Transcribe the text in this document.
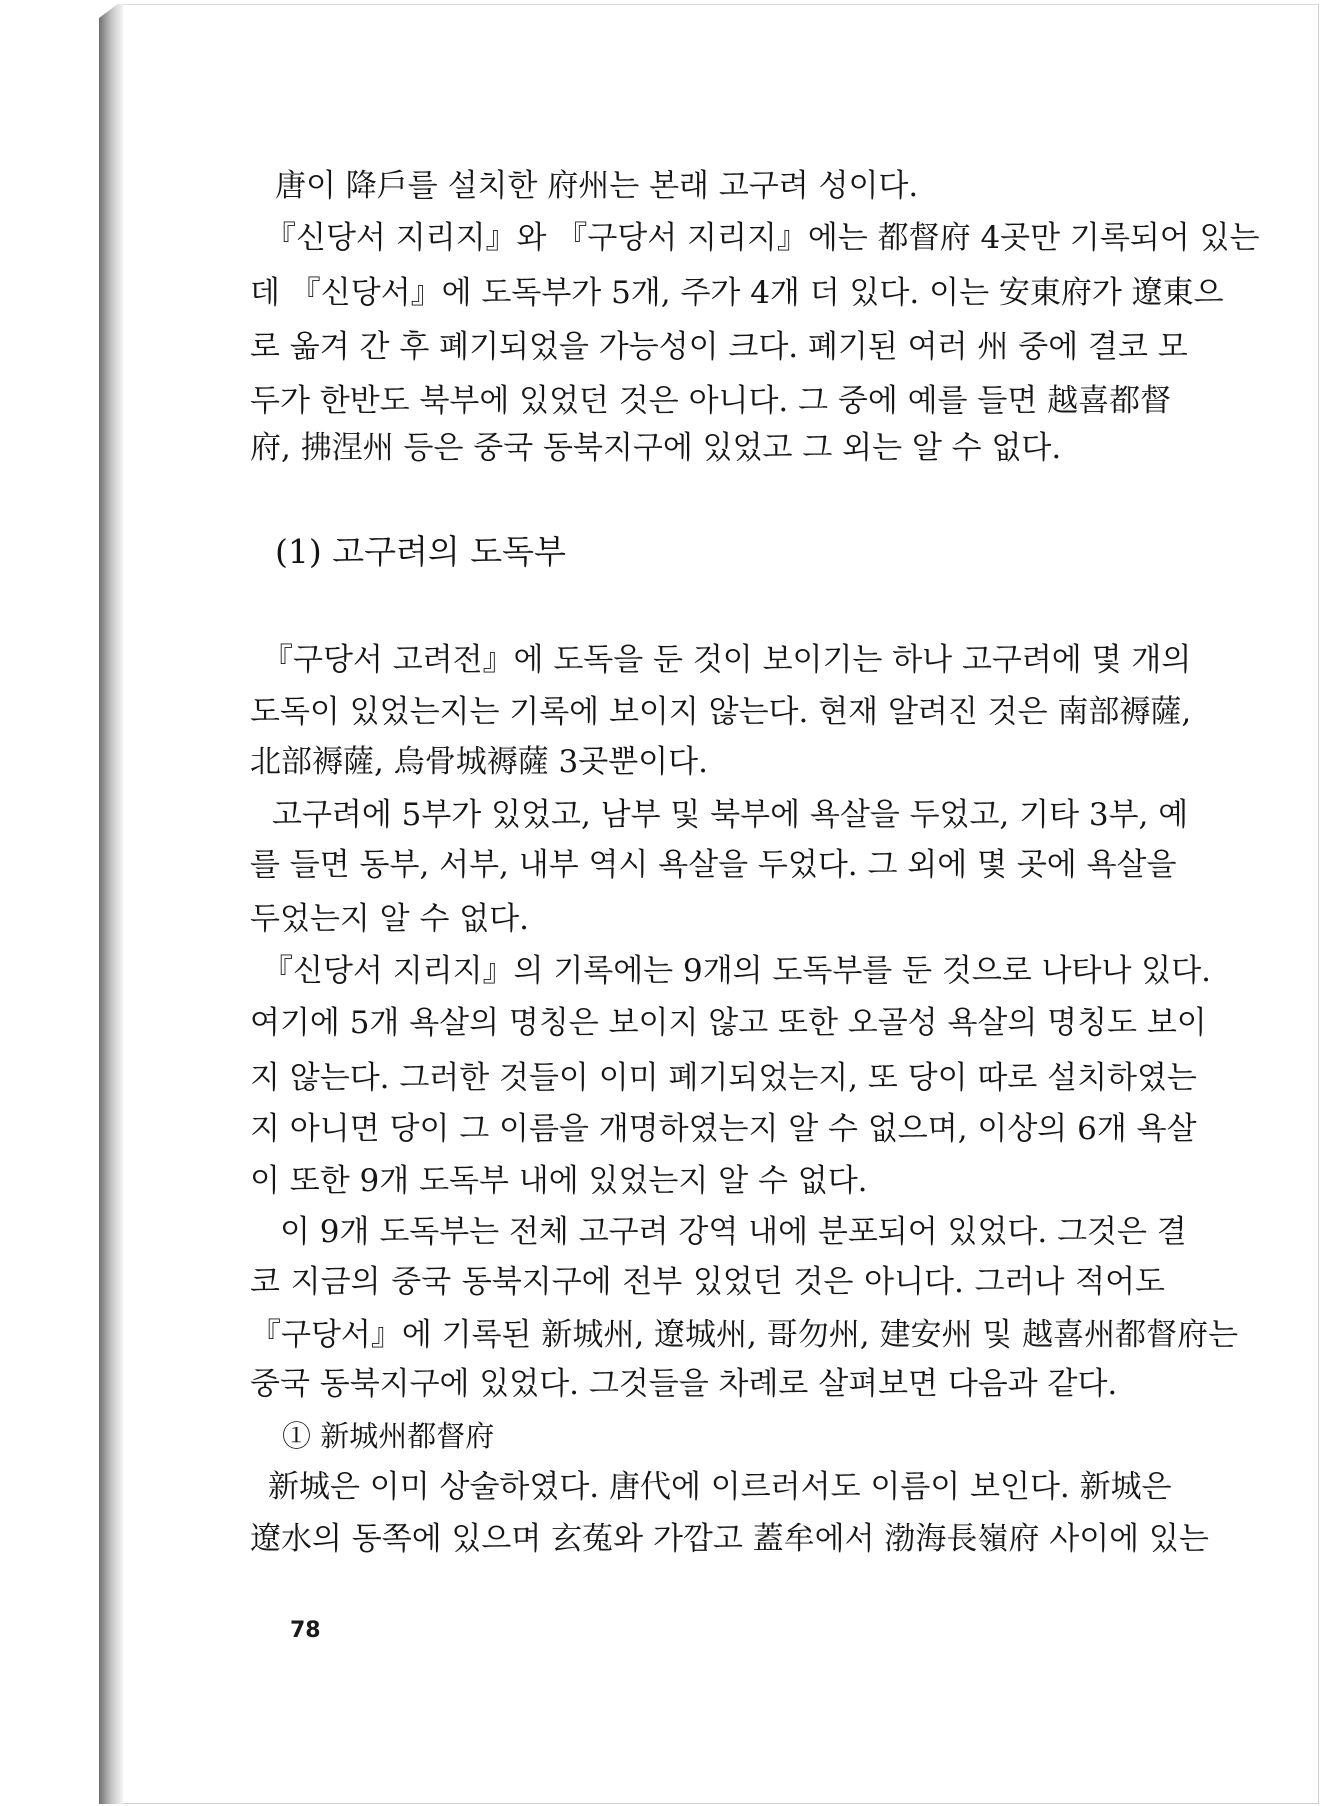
唐이 降戶를 설치한 府州는 본래 고구려 성이다.
『신당서 지리지』와 『구당서 지리지』에는 都督府 4곳만 기록되어 있는
데 『신당서』에 도독부가 5개, 주가 4개 더 있다. 이는 安東府가 遼東으
로 옮겨 간 후 폐기되었을 가능성이 크다. 폐기된 여러 州 중에 결코 모
두가 한반도 북부에 있었던 것은 아니다. 그 중에 예를 들면 越喜都督
府, 拂涅州 등은 중국 동북지구에 있었고 그 외는 알 수 없다.
(1) 고구려의 도독부
『구당서 고려전』에 도독을 둔 것이 보이기는 하나 고구려에 몇 개의
도독이 있었는지는 기록에 보이지 않는다. 현재 알려진 것은 南部褥薩,
北部褥薩, 烏骨城褥薩 3곳뿐이다.
고구려에 5부가 있었고, 남부 및 북부에 욕살을 두었고, 기타 3부, 예
를 들면 동부, 서부, 내부 역시 욕살을 두었다. 그 외에 몇 곳에 욕살을
두었는지 알 수 없다.
『신당서 지리지』의 기록에는 9개의 도독부를 둔 것으로 나타나 있다.
여기에 5개 욕살의 명칭은 보이지 않고 또한 오골성 욕살의 명칭도 보이
지 않는다. 그러한 것들이 이미 폐기되었는지, 또 당이 따로 설치하였는
지 아니면 당이 그 이름을 개명하였는지 알 수 없으며, 이상의 6개 욕살
이 또한 9개 도독부 내에 있었는지 알 수 없다.
이 9개 도독부는 전체 고구려 강역 내에 분포되어 있었다. 그것은 결
코 지금의 중국 동북지구에 전부 있었던 것은 아니다. 그러나 적어도
『구당서』에 기록된 新城州, 遼城州, 哥勿州, 建安州 및 越喜州都督府는
중국 동북지구에 있었다. 그것들을 차례로 살펴보면 다음과 같다.
① 新城州都督府
新城은 이미 상술하였다. 唐代에 이르러서도 이름이 보인다. 新城은
遼水의 동쪽에 있으며 玄菟와 가깝고 蓋牟에서 渤海長嶺府 사이에 있는
78
